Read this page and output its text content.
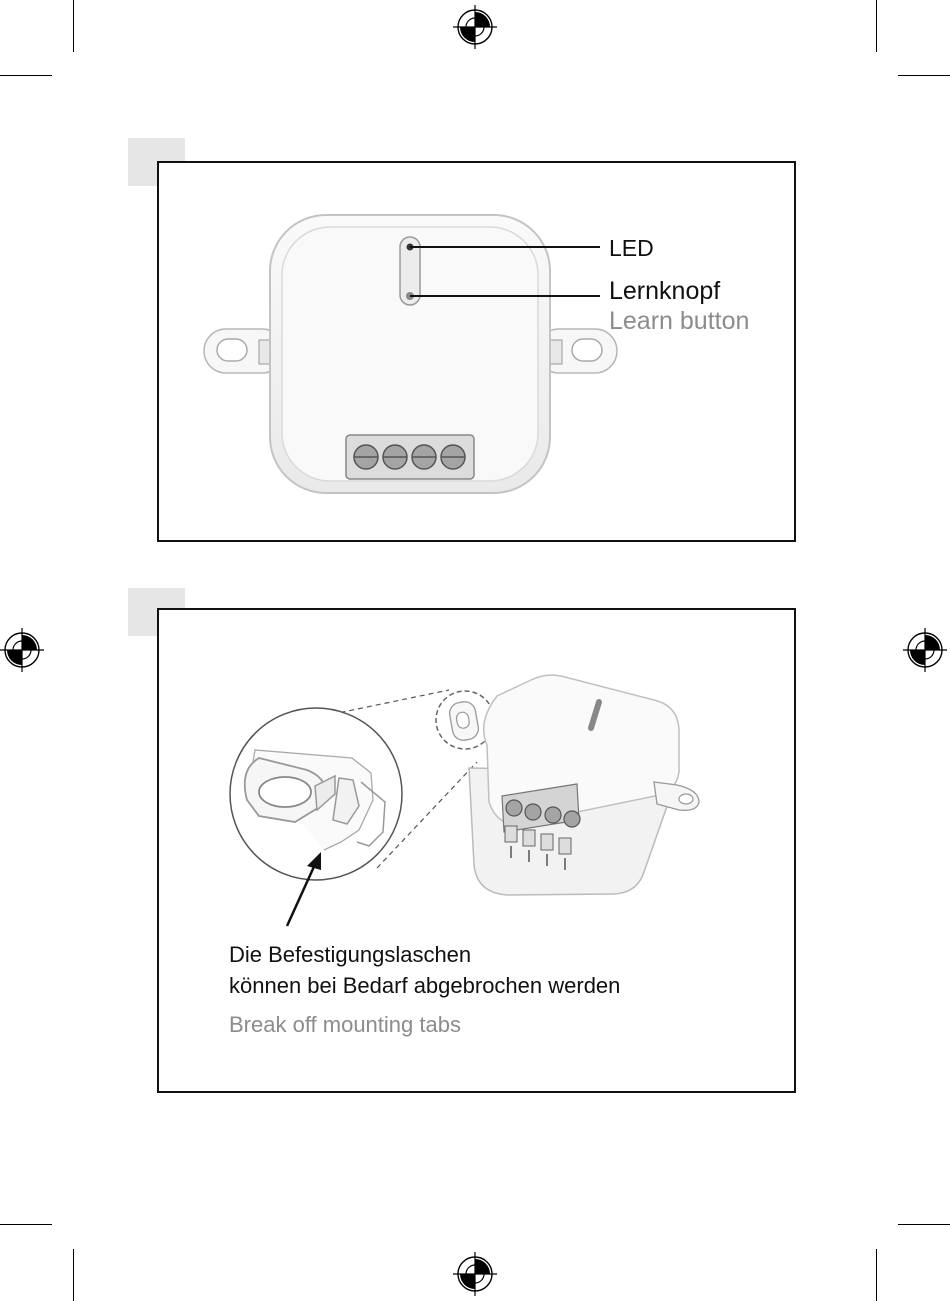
LED
Lernknopf
Learn button
Die Befestigungslaschen
können bei Bedarf abgebrochen werden
Break off mounting tabs
